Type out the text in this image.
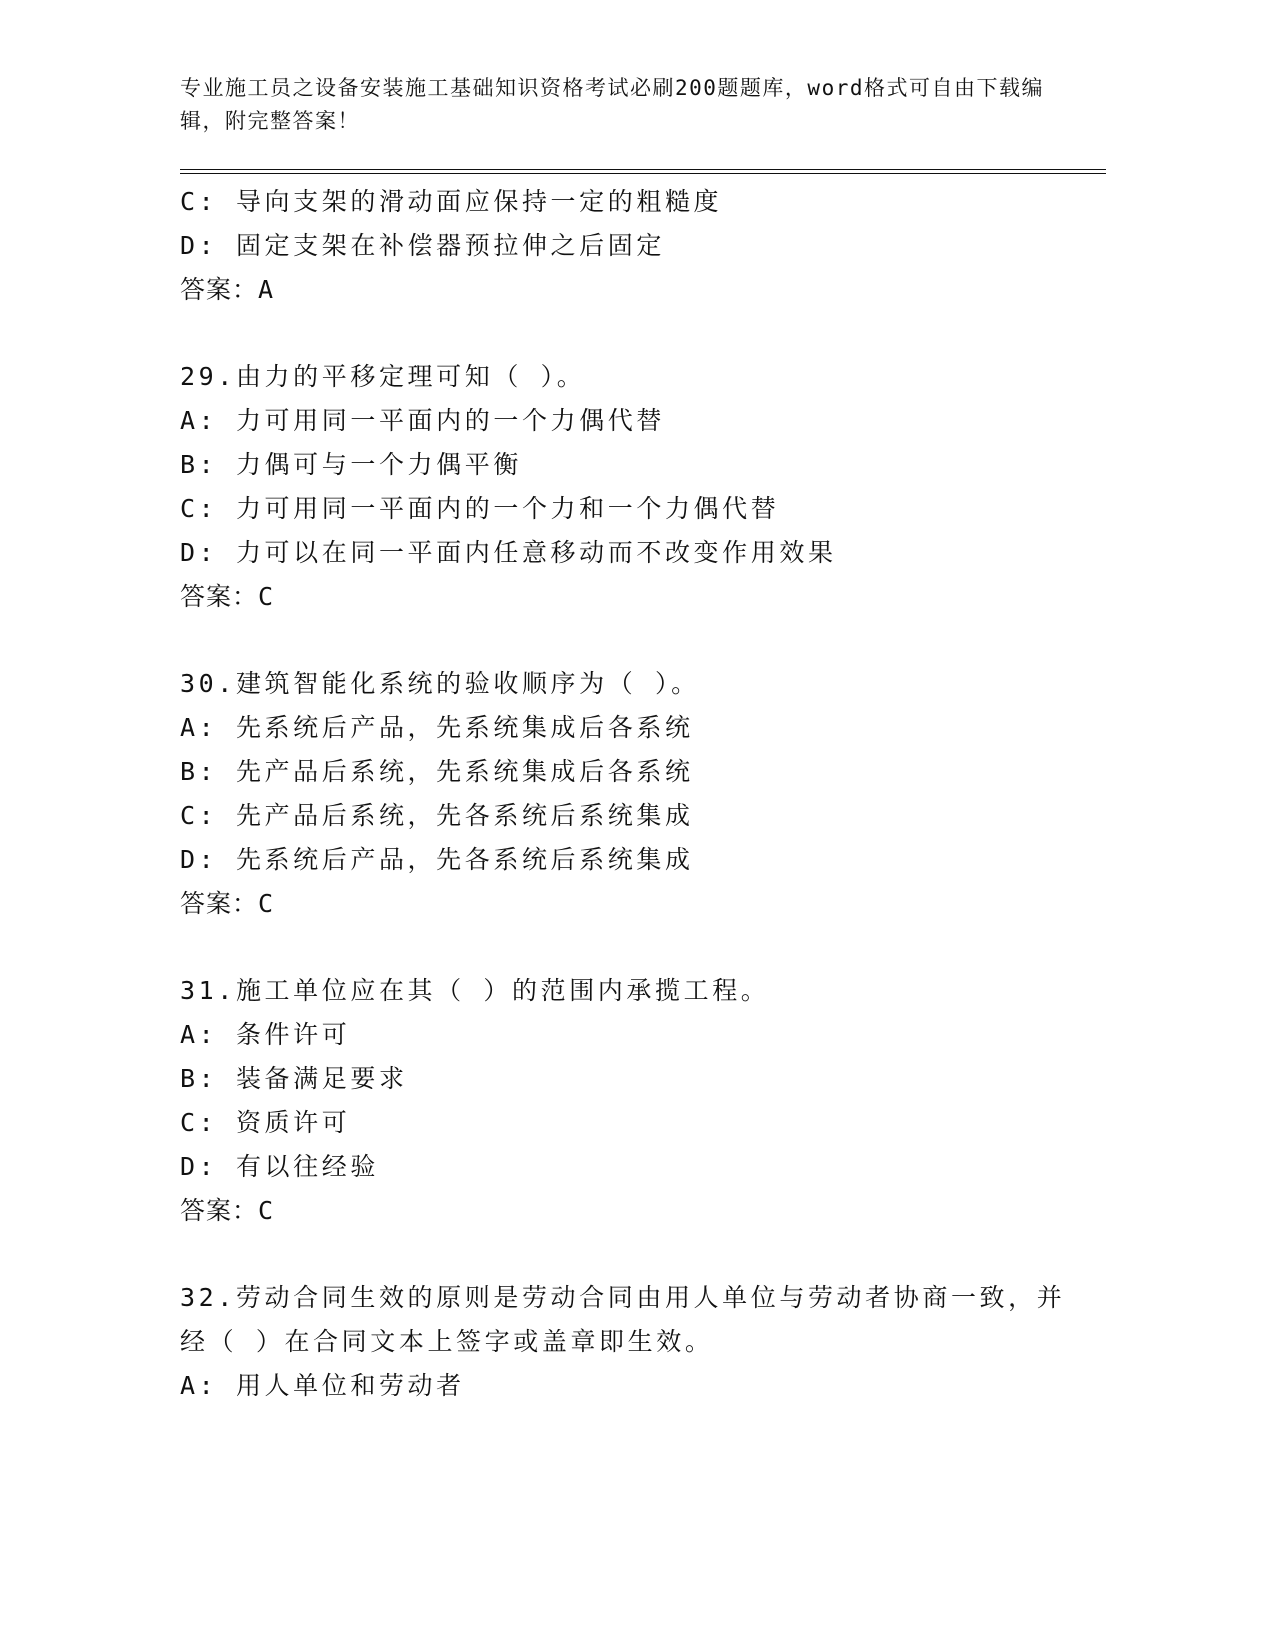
专业施工员之设备安装施工基础知识资格考试必刷200题题库，word格式可自由下载编辑，附完整答案！
C: 导向支架的滑动面应保持一定的粗糙度
D: 固定支架在补偿器预拉伸之后固定
答案：A
29.由力的平移定理可知（ ）。
A: 力可用同一平面内的一个力偶代替
B: 力偶可与一个力偶平衡
C: 力可用同一平面内的一个力和一个力偶代替
D: 力可以在同一平面内任意移动而不改变作用效果
答案：C
30.建筑智能化系统的验收顺序为（ ）。
A: 先系统后产品，先系统集成后各系统
B: 先产品后系统，先系统集成后各系统
C: 先产品后系统，先各系统后系统集成
D: 先系统后产品，先各系统后系统集成
答案：C
31.施工单位应在其（ ）的范围内承揽工程。
A: 条件许可
B: 装备满足要求
C: 资质许可
D: 有以往经验
答案：C
32.劳动合同生效的原则是劳动合同由用人单位与劳动者协商一致，并经（ ）在合同文本上签字或盖章即生效。
A: 用人单位和劳动者
